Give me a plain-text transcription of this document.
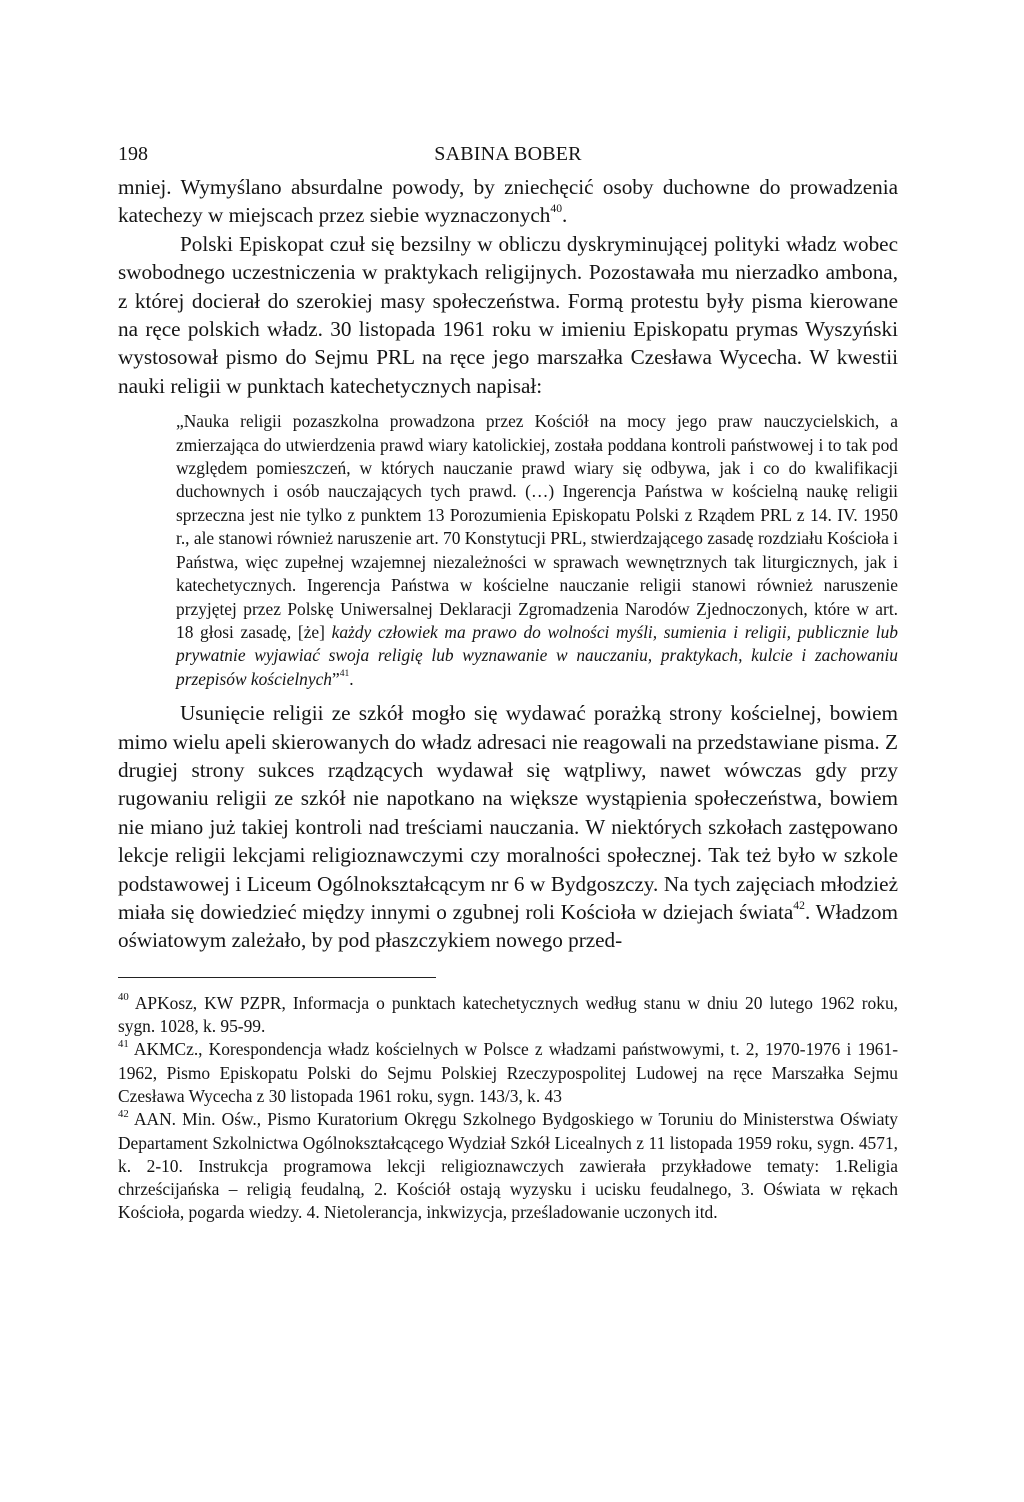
198	SABINA BOBER

mniej. Wymyślano absurdalne powody, by zniechęcić osoby duchowne do prowadzenia katechezy w miejscach przez siebie wyznaczonych$^{40}$.

Polski Episkopat czuł się bezsilny w obliczu dyskryminującej polityki władz wobec swobodnego uczestniczenia w praktykach religijnych. Pozostawała mu nierzadko ambona, z której docierał do szerokiej masy społeczeństwa. Formą protestu były pisma kierowane na ręce polskich władz. 30 listopada 1961 roku w imieniu Episkopatu prymas Wyszyński wystosował pismo do Sejmu PRL na ręce jego marszałka Czesława Wycecha. W kwestii nauki religii w punktach katechetycznych napisał:

„Nauka religii pozaszkolna prowadzona przez Kościół na mocy jego praw nauczycielskich, a zmierzająca do utwierdzenia prawd wiary katolickiej, została poddana kontroli państwowej i to tak pod względem pomieszczeń, w których nauczanie prawd wiary się odbywa, jak i co do kwalifikacji duchownych i osób nauczających tych prawd. (…) Ingerencja Państwa w kościelną naukę religii sprzeczna jest nie tylko z punktem 13 Porozumienia Episkopatu Polski z Rządem PRL z 14. IV. 1950 r., ale stanowi również naruszenie art. 70 Konstytucji PRL, stwierdzającego zasadę rozdziału Kościoła i Państwa, więc zupełnej wzajemnej niezależności w sprawach wewnętrznych tak liturgicznych, jak i katechetycznych. Ingerencja Państwa w kościelne nauczanie religii stanowi również naruszenie przyjętej przez Polskę Uniwersalnej Deklaracji Zgromadzenia Narodów Zjednoczonych, które w art. 18 głosi zasadę, [że] każdy człowiek ma prawo do wolności myśli, sumienia i religii, publicznie lub prywatnie wyjawiać swoja religię lub wyznawanie w nauczaniu, praktykach, kulcie i zachowaniu przepisów kościelnych”$^{41}$.

Usunięcie religii ze szkół mogło się wydawać porażką strony kościelnej, bowiem mimo wielu apeli skierowanych do władz adresaci nie reagowali na przedstawiane pisma. Z drugiej strony sukces rządzących wydawał się wątpliwy, nawet wówczas gdy przy rugowaniu religii ze szkół nie napotkano na większe wystąpienia społeczeństwa, bowiem nie miano już takiej kontroli nad treściami nauczania. W niektórych szkołach zastępowano lekcje religii lekcjami religioznawczymi czy moralności społecznej. Tak też było w szkole podstawowej i Liceum Ogólnokształcącym nr 6 w Bydgoszczy. Na tych zajęciach młodzież miała się dowiedzieć między innymi o zgubnej roli Kościoła w dziejach świata$^{42}$. Władzom oświatowym zależało, by pod płaszczykiem nowego przed-

$^{40}$ APKosz, KW PZPR, Informacja o punktach katechetycznych według stanu w dniu 20 lutego 1962 roku, sygn. 1028, k. 95-99.

$^{41}$ AKMCz., Korespondencja władz kościelnych w Polsce z władzami państwowymi, t. 2, 1970-1976 i 1961-1962, Pismo Episkopatu Polski do Sejmu Polskiej Rzeczypospolitej Ludowej na ręce Marszałka Sejmu Czesława Wycecha z 30 listopada 1961 roku, sygn. 143/3, k. 43

$^{42}$ AAN. Min. Ośw., Pismo Kuratorium Okręgu Szkolnego Bydgoskiego w Toruniu do Ministerstwa Oświaty Departament Szkolnictwa Ogólnokształcącego Wydział Szkół Licealnych z 11 listopada 1959 roku, sygn. 4571, k. 2-10. Instrukcja programowa lekcji religioznawczych zawierała przykładowe tematy: 1.Religia chrześcijańska – religią feudalną, 2. Kościół ostają wyzysku i ucisku feudalnego, 3. Oświata w rękach Kościoła, pogarda wiedzy. 4. Nietolerancja, inkwizycja, prześladowanie uczonych itd.
